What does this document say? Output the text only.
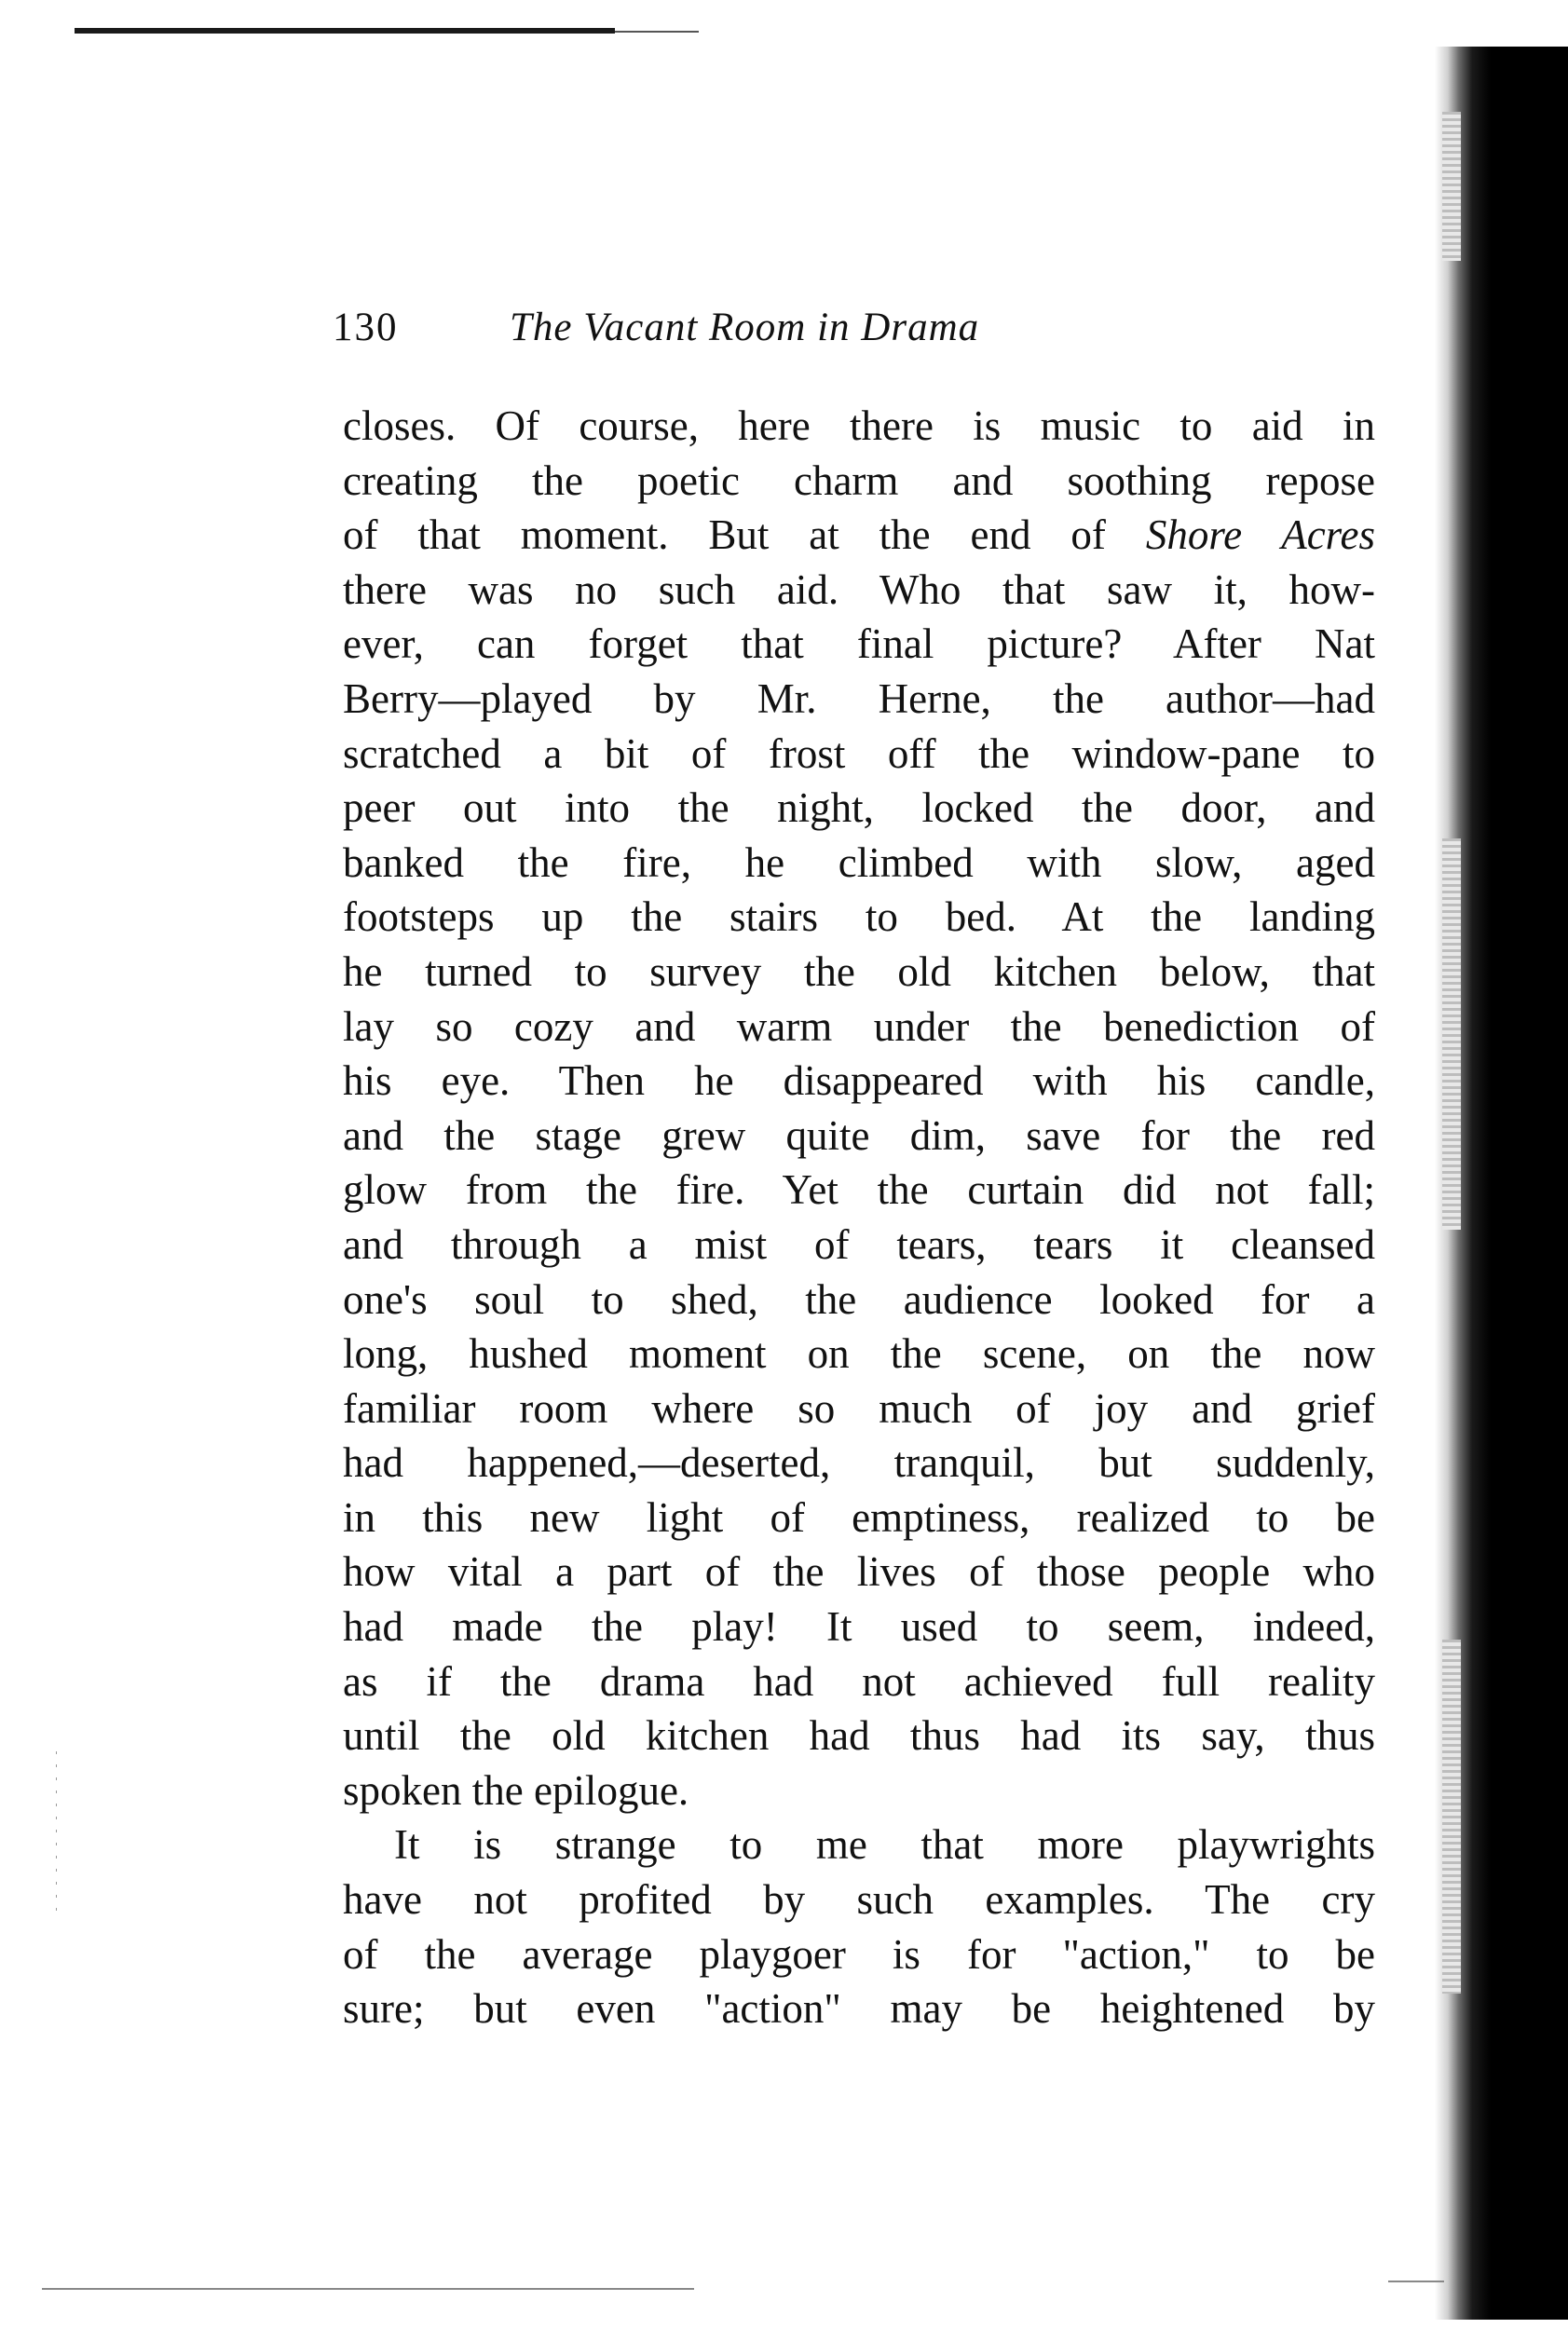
130	The Vacant Room in Drama
closes. Of course, here there is music to aid in
creating the poetic charm and soothing repose
of that moment. But at the end of Shore Acres
there was no such aid. Who that saw it, how-
ever, can forget that final picture? After Nat
Berry—played by Mr. Herne, the author—had
scratched a bit of frost off the window-pane to
peer out into the night, locked the door, and
banked the fire, he climbed with slow, aged
footsteps up the stairs to bed. At the landing
he turned to survey the old kitchen below, that
lay so cozy and warm under the benediction of
his eye. Then he disappeared with his candle,
and the stage grew quite dim, save for the red
glow from the fire. Yet the curtain did not fall;
and through a mist of tears, tears it cleansed
one's soul to shed, the audience looked for a
long, hushed moment on the scene, on the now
familiar room where so much of joy and grief
had happened,—deserted, tranquil, but suddenly,
in this new light of emptiness, realized to be
how vital a part of the lives of those people who
had made the play! It used to seem, indeed,
as if the drama had not achieved full reality
until the old kitchen had thus had its say, thus
spoken the epilogue.
It is strange to me that more playwrights
have not profited by such examples. The cry
of the average playgoer is for "action," to be
sure; but even "action" may be heightened by
